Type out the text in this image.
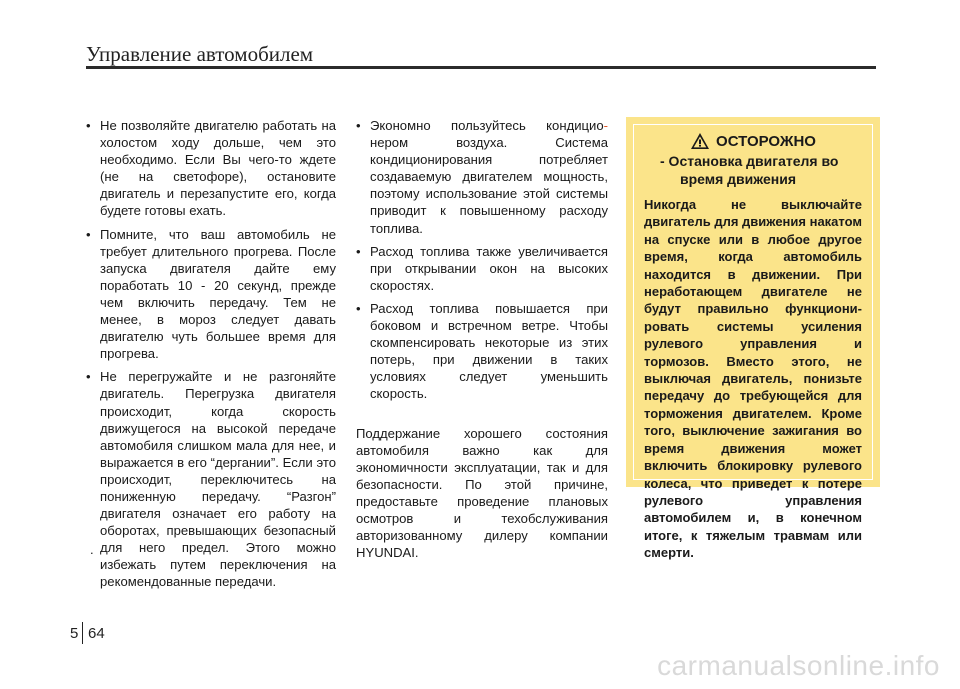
Управление автомобилем
• Не позволяйте двигателю работать на холостом ходу дольше, чем это необходимо. Если Вы чего-то ждете (не на светофоре), остановите двигатель и перезапустите его, когда будете готовы ехать.
• Помните, что ваш автомобиль не требует длительного прогрева. После запуска двигателя дайте ему поработать 10 - 20 секунд, прежде чем включить передачу. Тем не менее, в мороз следует давать двигателю чуть большее время для прогрева.
• Не перегружайте и не разгоняйте двигатель. Перегрузка двигателя происходит, когда скорость движущегося на высокой передаче автомобиля слишком мала для нее, и выражается в его “дергании”. Если это происходит, переключитесь на пониженную передачу. “Разгон” двигателя означает его работу на оборотах, превышающих безопасный для него предел. Этого можно избежать путем переключения на рекомендованные передачи.
.
• Экономно пользуйтесь кондицио-нером воздуха. Система кондиционирования потребляет создаваемую двигателем мощность, поэтому использование этой системы приводит к повышенному расходу топлива.
• Расход топлива также увеличивается при открывании окон на высоких скоростях.
• Расход топлива повышается при боковом и встречном ветре. Чтобы скомпенсировать некоторые из этих потерь, при движении в таких условиях следует уменьшить скорость.

Поддержание хорошего состояния автомобиля важно как для экономичности эксплуатации, так и для безопасности. По этой причине, предоставьте проведение плановых осмотров и техобслуживания авторизованному дилеру компании HYUNDAI.

ОСТОРОЖНО
- Остановка двигателя во
время движения
Никогда не выключайте двигатель для движения накатом на спуске или в любое другое время, когда автомобиль находится в движении. При неработающем двигателе не будут правильно функциони-ровать системы усиления рулевого управления и тормозов. Вместо этого, не выключая двигатель, понизьте передачу до требующейся для торможения двигателем. Кроме того, выключение зажигания во время движения может включить блокировку рулевого колеса, что приведет к потере рулевого управления автомобилем и, в конечном итоге, к тяжелым травмам или смерти.
5 64
carmanualsonline.info
